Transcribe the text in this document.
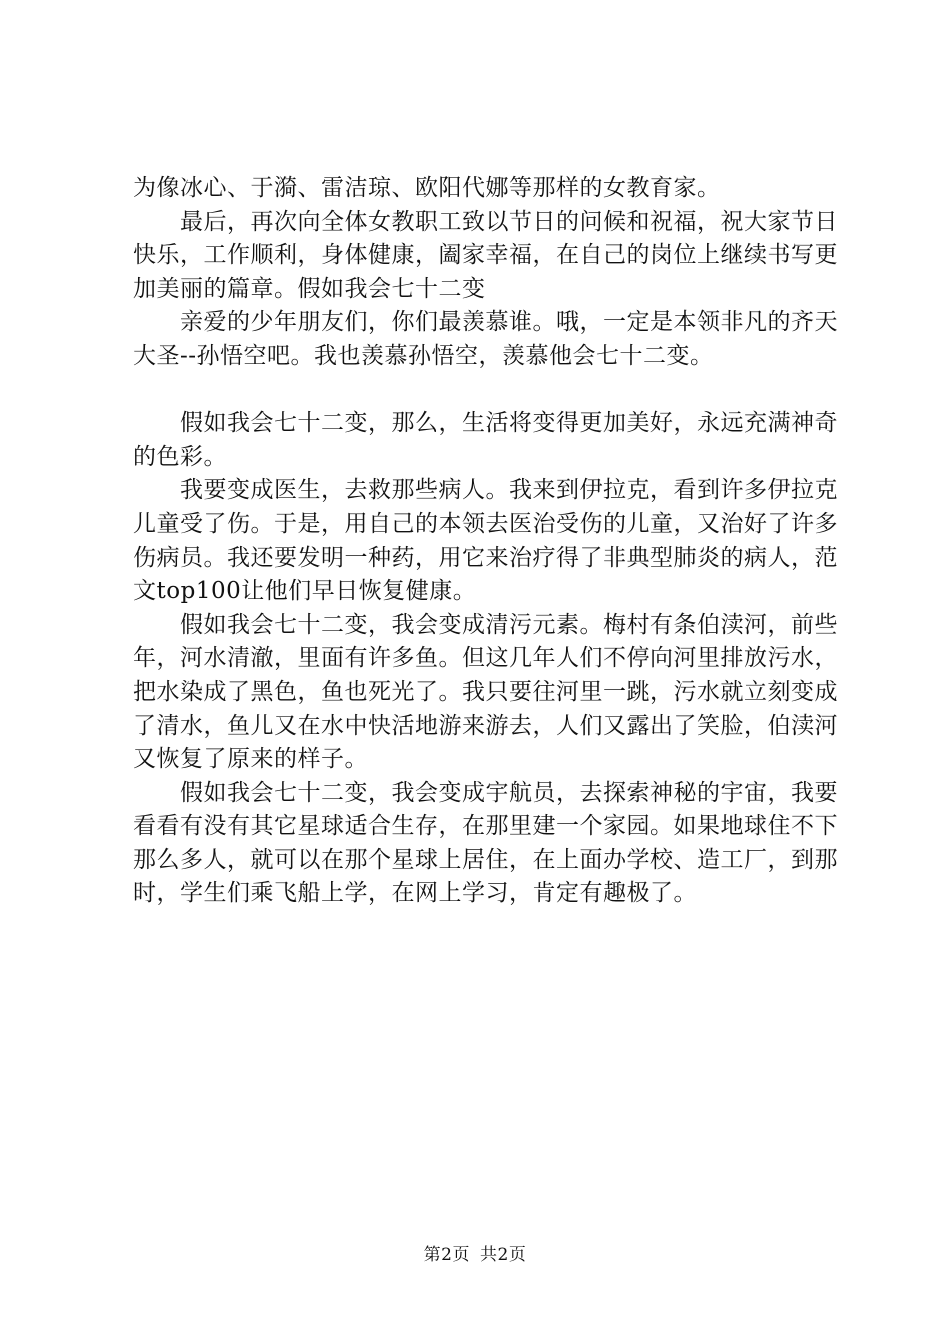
为像冰心、于漪、雷洁琼、欧阳代娜等那样的女教育家。

最后，再次向全体女教职工致以节日的问候和祝福，祝大家节日快乐，工作顺利，身体健康，阖家幸福，在自己的岗位上继续书写更加美丽的篇章。假如我会七十二变

亲爱的少年朋友们，你们最羡慕谁。哦，一定是本领非凡的齐天大圣--孙悟空吧。我也羡慕孙悟空，羡慕他会七十二变。

假如我会七十二变，那么，生活将变得更加美好，永远充满神奇的色彩。

我要变成医生，去救那些病人。我来到伊拉克，看到许多伊拉克儿童受了伤。于是，用自己的本领去医治受伤的儿童，又治好了许多伤病员。我还要发明一种药，用它来治疗得了非典型肺炎的病人，范文top100让他们早日恢复健康。

假如我会七十二变，我会变成清污元素。梅村有条伯渎河，前些年，河水清澈，里面有许多鱼。但这几年人们不停向河里排放污水，把水染成了黑色，鱼也死光了。我只要往河里一跳，污水就立刻变成了清水，鱼儿又在水中快活地游来游去，人们又露出了笑脸，伯渎河又恢复了原来的样子。

假如我会七十二变，我会变成宇航员，去探索神秘的宇宙，我要看看有没有其它星球适合生存，在那里建一个家园。如果地球住不下那么多人，就可以在那个星球上居住，在上面办学校、造工厂，到那时，学生们乘飞船上学，在网上学习，肯定有趣极了。

第2页 共2页
